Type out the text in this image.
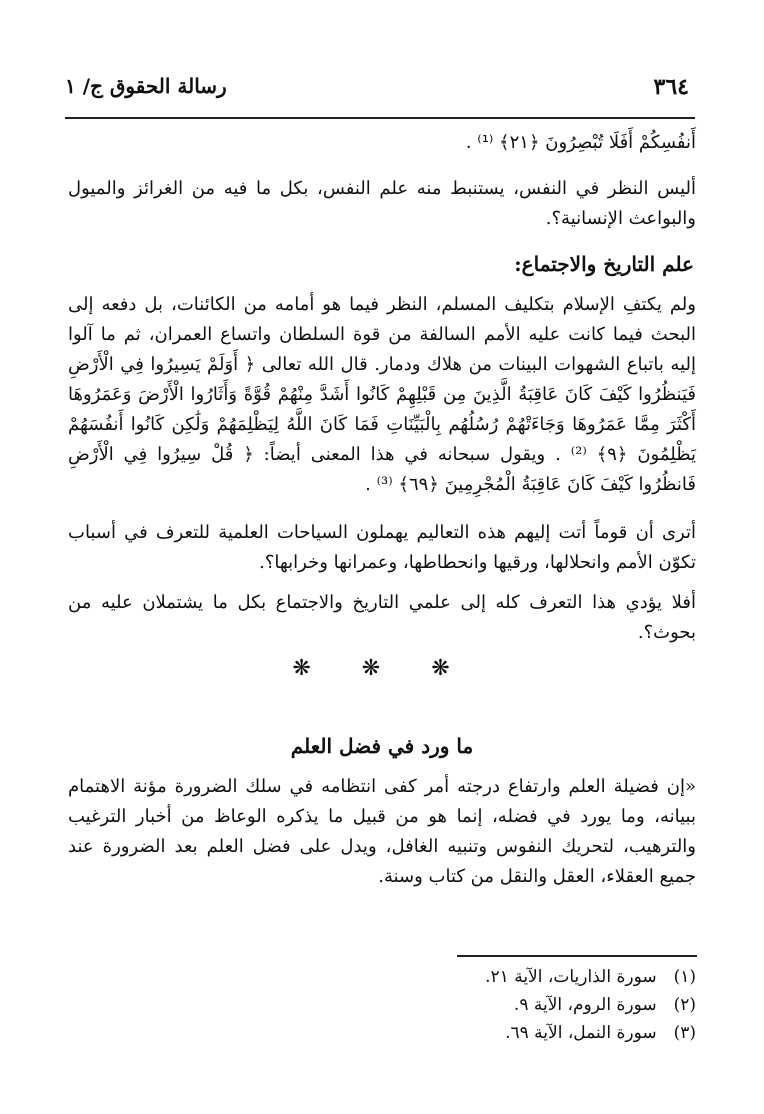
٣٦٤
رسالة الحقوق ج/ ١
أَنفُسِكُمْ أَفَلَا تُبْصِرُونَ ﴿٢١﴾ ⁽¹⁾ .
أليس النظر في النفس، يستنبط منه علم النفس، بكل ما فيه من الغرائز والميول والبواعث الإنسانية؟.
علم التاريخ والاجتماع:
ولم يكتفِ الإسلام بتكليف المسلم، النظر فيما هو أمامه من الكائنات، بل دفعه إلى البحث فيما كانت عليه الأمم السالفة من قوة السلطان واتساع العمران، ثم ما آلوا إليه باتباع الشهوات البينات من هلاك ودمار. قال الله تعالى ﴿ أَوَلَمْ يَسِيرُوا فِي الْأَرْضِ فَيَنظُرُوا كَيْفَ كَانَ عَاقِبَةُ الَّذِينَ مِن قَبْلِهِمْ كَانُوا أَشَدَّ مِنْهُمْ قُوَّةً وَأَثَارُوا الْأَرْضَ وَعَمَرُوهَا أَكْثَرَ مِمَّا عَمَرُوهَا وَجَاءَتْهُمْ رُسُلُهُم بِالْبَيِّنَاتِ فَمَا كَانَ اللَّهُ لِيَظْلِمَهُمْ وَلَٰكِن كَانُوا أَنفُسَهُمْ يَظْلِمُونَ ﴿٩﴾ ⁽²⁾ . ويقول سبحانه في هذا المعنى أيضاً: ﴿ قُلْ سِيرُوا فِي الْأَرْضِ فَانظُرُوا كَيْفَ كَانَ عَاقِبَةُ الْمُجْرِمِينَ ﴿٦٩﴾ ⁽³⁾ .
أترى أن قوماً أتت إليهم هذه التعاليم يهملون السياحات العلمية للتعرف في أسباب تكوّن الأمم وانحلالها، ورقيها وانحطاطها، وعمرانها وخرابها؟.
أفلا يؤدي هذا التعرف كله إلى علمي التاريخ والاجتماع بكل ما يشتملان عليه من بحوث؟.
❋ ❋ ❋
ما ورد في فضل العلم
«إن فضيلة العلم وارتفاع درجته أمر كفى انتظامه في سلك الضرورة مؤنة الاهتمام ببيانه، وما يورد في فضله، إنما هو من قبيل ما يذكره الوعاظ من أخبار الترغيب والترهيب، لتحريك النفوس وتنبيه الغافل، ويدل على فضل العلم بعد الضرورة عند جميع العقلاء، العقل والنقل من كتاب وسنة.
(١) سورة الذاريات، الآية ٢١.
(٢) سورة الروم، الآية ٩.
(٣) سورة النمل، الآية ٦٩.
